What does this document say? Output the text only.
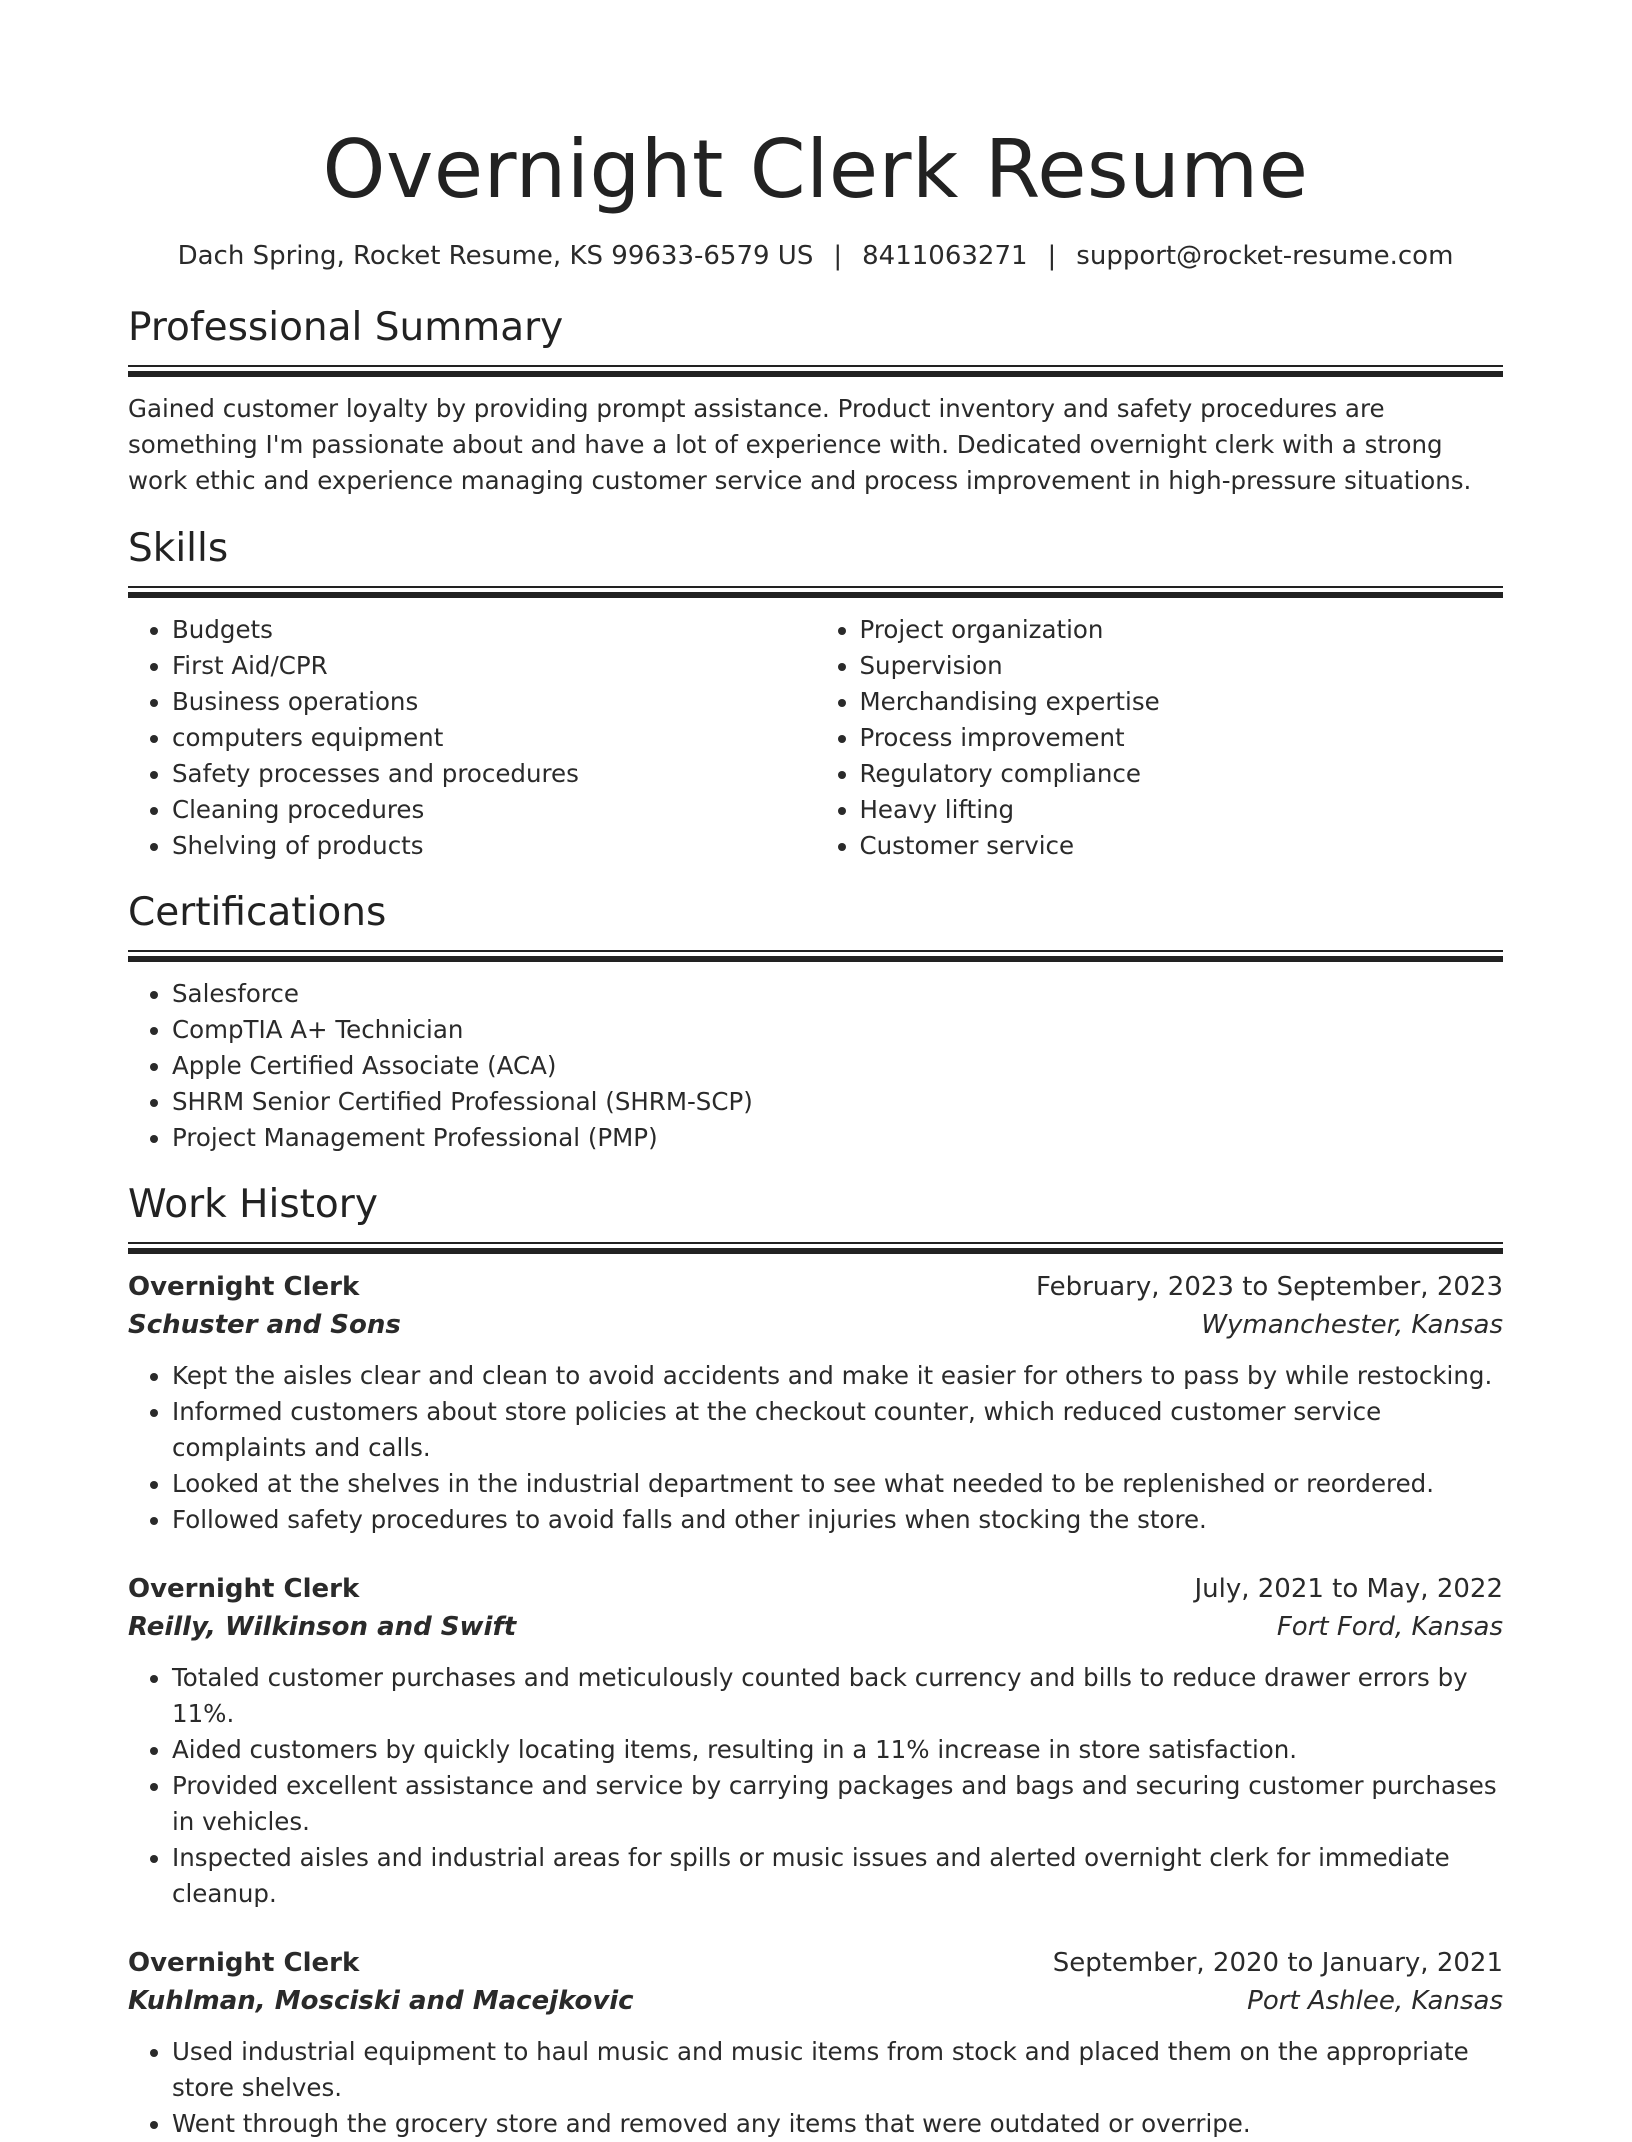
Overnight Clerk Resume
Dach Spring, Rocket Resume, KS 99633-6579 US | 8411063271 | support@rocket-resume.com
Professional Summary

Gained customer loyalty by providing prompt assistance. Product inventory and safety procedures are something I'm passionate about and have a lot of experience with. Dedicated overnight clerk with a strong work ethic and experience managing customer service and process improvement in high-pressure situations.

Skills
• Budgets
• First Aid/CPR
• Business operations
• computers equipment
• Safety processes and procedures
• Cleaning procedures
• Shelving of products
• Project organization
• Supervision
• Merchandising expertise
• Process improvement
• Regulatory compliance
• Heavy lifting
• Customer service
Certifications
• Salesforce
• CompTIA A+ Technician
• Apple Certified Associate (ACA)
• SHRM Senior Certified Professional (SHRM-SCP)
• Project Management Professional (PMP)
Work History
Overnight Clerk	February, 2023 to September, 2023
Schuster and Sons	Wymanchester, Kansas
• Kept the aisles clear and clean to avoid accidents and make it easier for others to pass by while restocking.
• Informed customers about store policies at the checkout counter, which reduced customer service complaints and calls.
• Looked at the shelves in the industrial department to see what needed to be replenished or reordered.
• Followed safety procedures to avoid falls and other injuries when stocking the store.
Overnight Clerk	July, 2021 to May, 2022
Reilly, Wilkinson and Swift	Fort Ford, Kansas
• Totaled customer purchases and meticulously counted back currency and bills to reduce drawer errors by 11%.
• Aided customers by quickly locating items, resulting in a 11% increase in store satisfaction.
• Provided excellent assistance and service by carrying packages and bags and securing customer purchases in vehicles.
• Inspected aisles and industrial areas for spills or music issues and alerted overnight clerk for immediate cleanup.
Overnight Clerk	September, 2020 to January, 2021
Kuhlman, Mosciski and Macejkovic	Port Ashlee, Kansas
• Used industrial equipment to haul music and music items from stock and placed them on the appropriate store shelves.
• Went through the grocery store and removed any items that were outdated or overripe.
